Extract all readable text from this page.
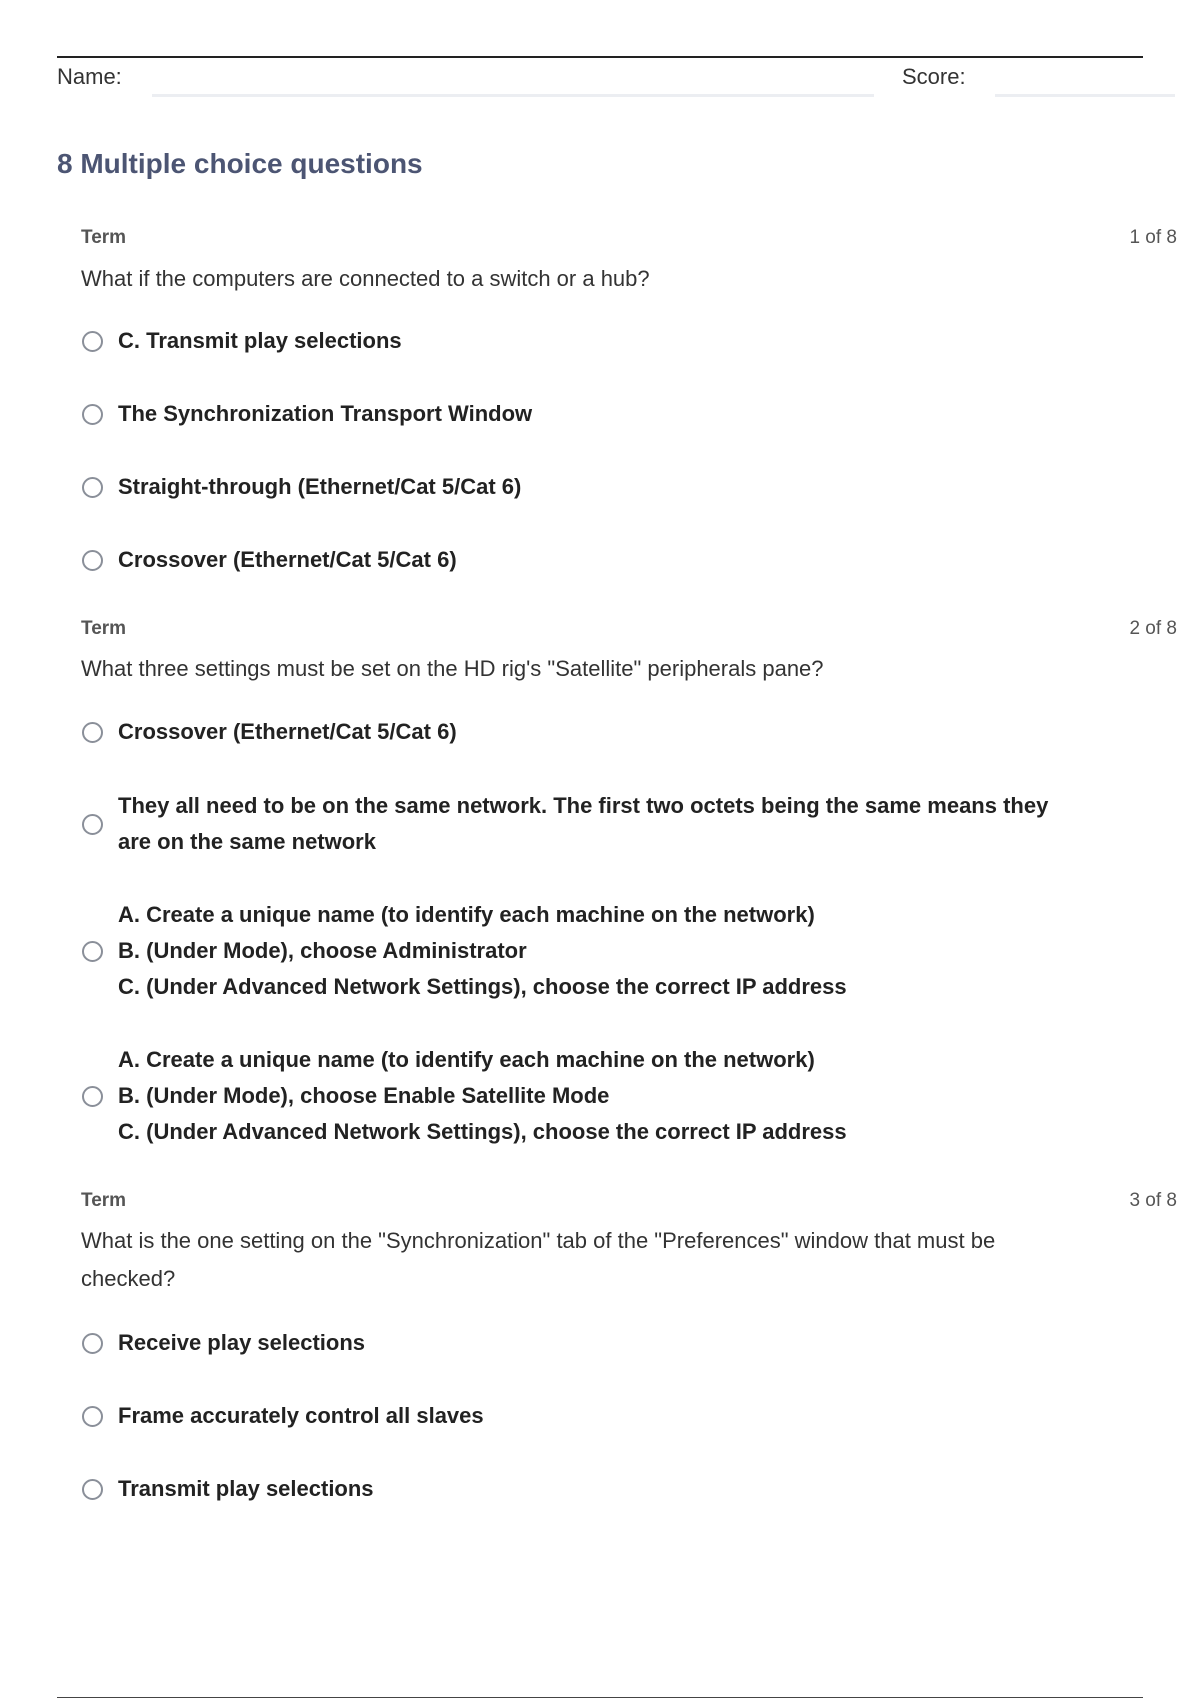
Name:	Score:
8 Multiple choice questions
Term	1 of 8
What if the computers are connected to a switch or a hub?
C. Transmit play selections
The Synchronization Transport Window
Straight-through (Ethernet/Cat 5/Cat 6)
Crossover (Ethernet/Cat 5/Cat 6)
Term	2 of 8
What three settings must be set on the HD rig's "Satellite" peripherals pane?
Crossover (Ethernet/Cat 5/Cat 6)
They all need to be on the same network. The first two octets being the same means they
are on the same network
A. Create a unique name (to identify each machine on the network)
B. (Under Mode), choose Administrator
C. (Under Advanced Network Settings), choose the correct IP address
A. Create a unique name (to identify each machine on the network)
B. (Under Mode), choose Enable Satellite Mode
C. (Under Advanced Network Settings), choose the correct IP address
Term	3 of 8
What is the one setting on the "Synchronization" tab of the "Preferences" window that must be
checked?
Receive play selections
Frame accurately control all slaves
Transmit play selections
